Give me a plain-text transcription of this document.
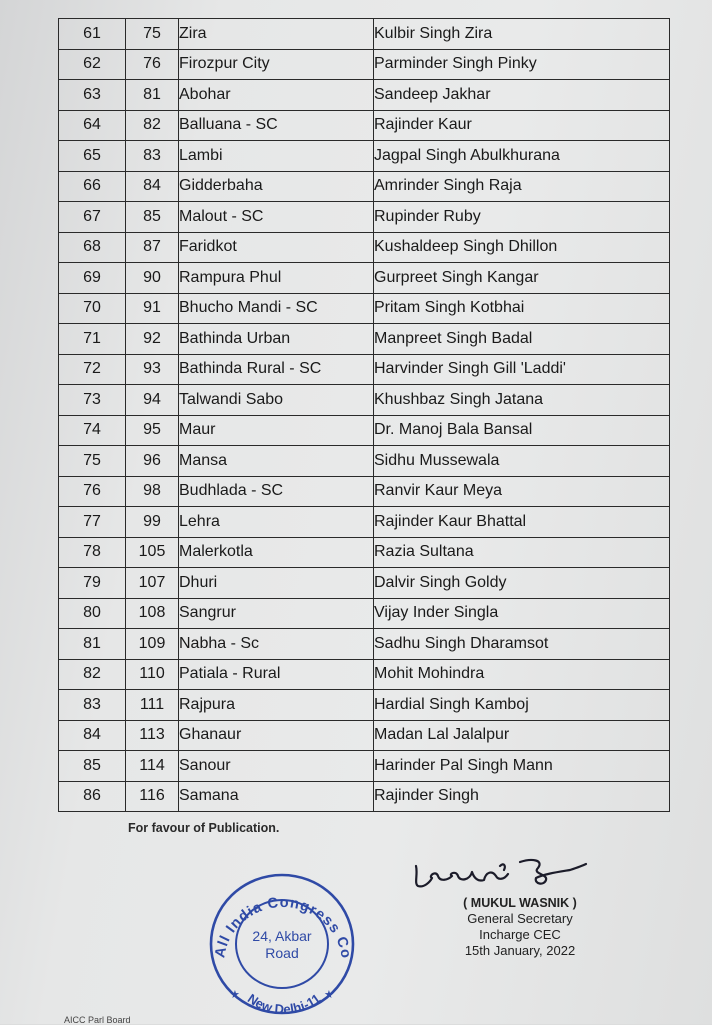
61	75	Zira	Kulbir Singh Zira
62	76	Firozpur City	Parminder Singh Pinky
63	81	Abohar	Sandeep Jakhar
64	82	Balluana - SC	Rajinder Kaur
65	83	Lambi	Jagpal Singh Abulkhurana
66	84	Gidderbaha	Amrinder Singh Raja
67	85	Malout - SC	Rupinder Ruby
68	87	Faridkot	Kushaldeep Singh Dhillon
69	90	Rampura Phul	Gurpreet Singh Kangar
70	91	Bhucho Mandi - SC	Pritam Singh Kotbhai
71	92	Bathinda Urban	Manpreet Singh Badal
72	93	Bathinda Rural - SC	Harvinder Singh Gill 'Laddi'
73	94	Talwandi Sabo	Khushbaz Singh Jatana
74	95	Maur	Dr. Manoj Bala Bansal
75	96	Mansa	Sidhu Mussewala
76	98	Budhlada - SC	Ranvir Kaur Meya
77	99	Lehra	Rajinder Kaur Bhattal
78	105	Malerkotla	Razia Sultana
79	107	Dhuri	Dalvir Singh Goldy
80	108	Sangrur	Vijay Inder Singla
81	109	Nabha - Sc	Sadhu Singh Dharamsot
82	110	Patiala - Rural	Mohit Mohindra
83	111	Rajpura	Hardial Singh Kamboj
84	113	Ghanaur	Madan Lal Jalalpur
85	114	Sanour	Harinder Pal Singh Mann
86	116	Samana	Rajinder Singh
For favour of Publication.
( MUKUL WASNIK )
General Secretary
Incharge CEC
15th January, 2022
All India Congress Co
New Delhi-11
★	★
24, Akbar
Road
AICC Parl Board
